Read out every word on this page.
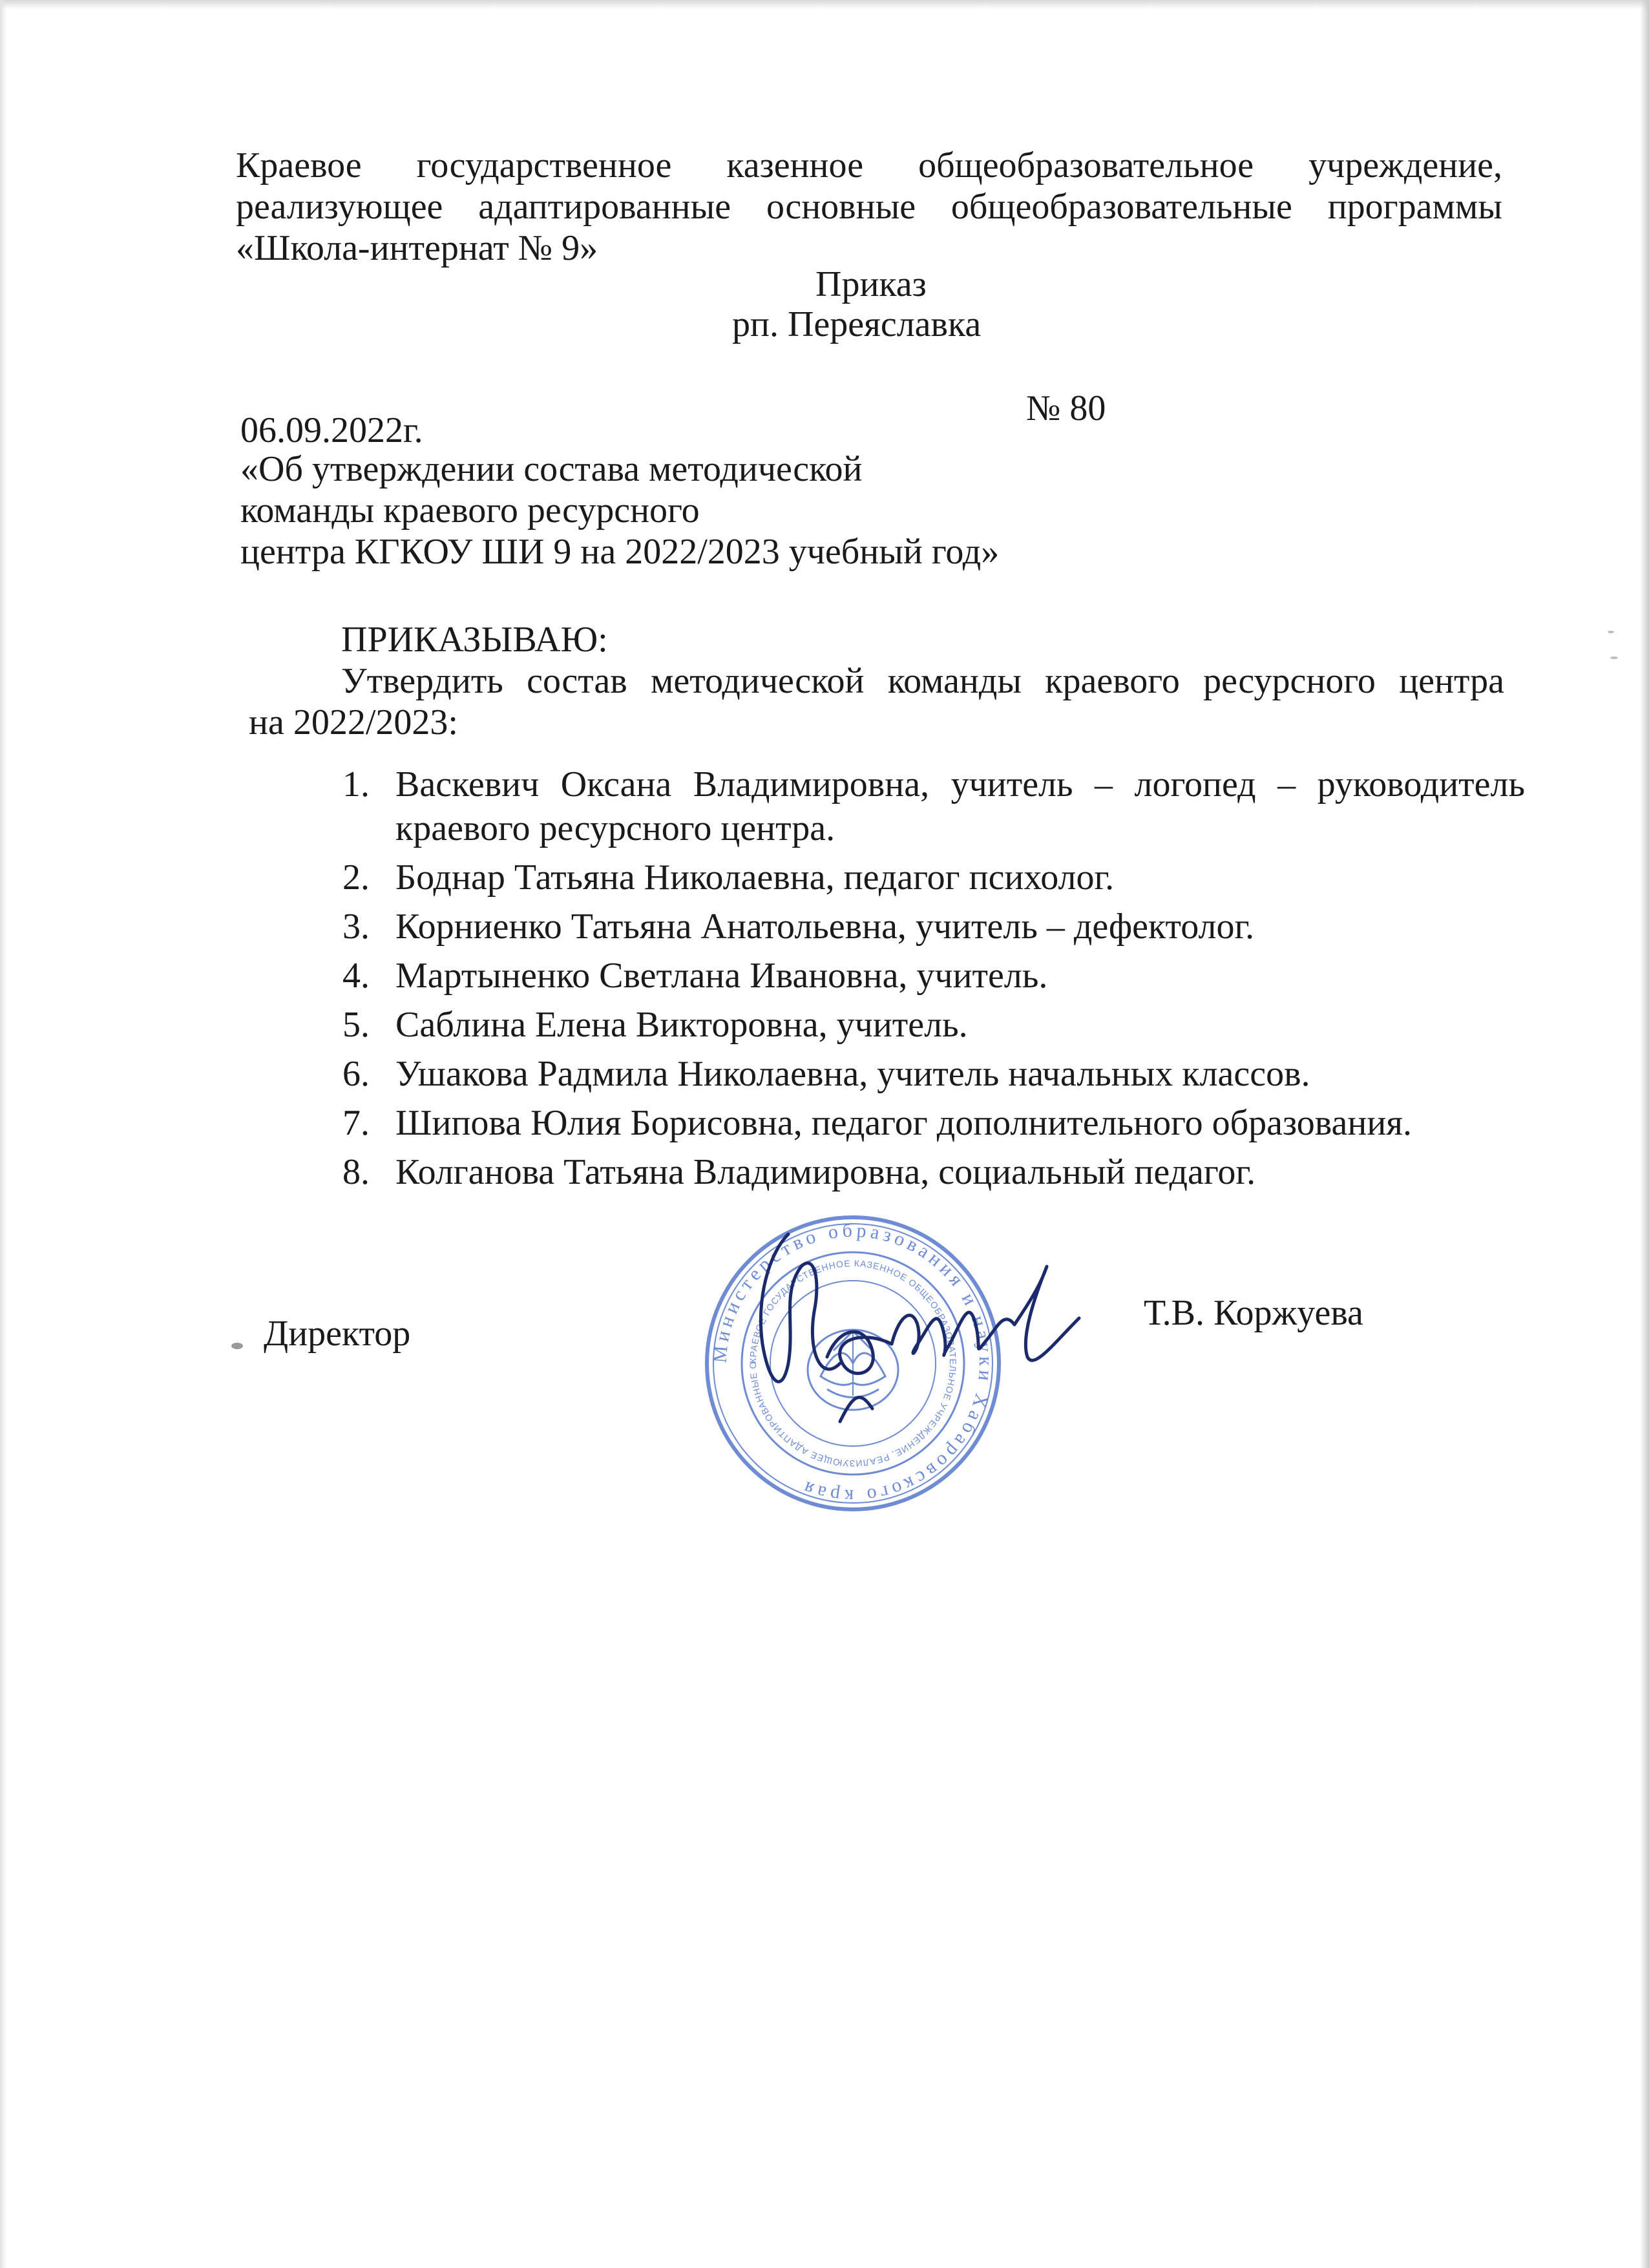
Краевое государственное казенное общеобразовательное учреждение,
реализующее адаптированные основные общеобразовательные программы
«Школа-интернат № 9»
Приказ
рп. Переяславка
№ 80
06.09.2022г.
«Об утверждении состава методической
команды краевого ресурсного
центра КГКОУ ШИ 9 на 2022/2023 учебный год»
ПРИКАЗЫВАЮ:
Утвердить состав методической команды краевого ресурсного центра
на 2022/2023:
1. Васкевич Оксана Владимировна, учитель – логопед – руководитель
краевого ресурсного центра.
2. Боднар Татьяна Николаевна, педагог психолог.
3. Корниенко Татьяна Анатольевна, учитель – дефектолог.
4. Мартыненко Светлана Ивановна, учитель.
5. Саблина Елена Викторовна, учитель.
6. Ушакова Радмила Николаевна, учитель начальных классов.
7. Шипова Юлия Борисовна, педагог дополнительного образования.
8. Колганова Татьяна Владимировна, социальный педагог.
Министерство образования и науки Хабаровского края
КРАЕВОЕ ГОСУДАРСТВЕННОЕ КАЗЕННОЕ ОБЩЕОБРАЗОВАТЕЛЬНОЕ УЧРЕЖДЕНИЕ, РЕАЛИЗУЮЩЕЕ АДАПТИРОВАННЫЕ О
Директор
Т.В. Коржуева
